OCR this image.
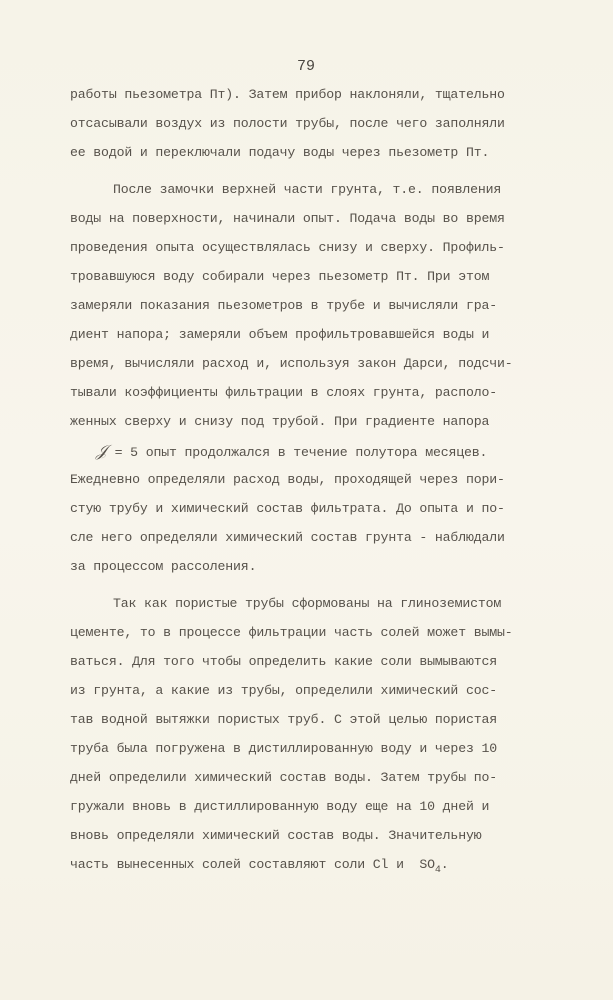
79
работы пьезометра Пт). Затем прибор наклоняли, тщательно
отсасывали воздух из полости трубы, после чего заполняли
ее водой и переключали подачу воды через пьезометр Пт.
После замочки верхней части грунта, т.е. появления
воды на поверхности, начинали опыт. Подача воды во время
проведения опыта осуществлялась снизу и сверху. Профиль-
тровавшуюся воду собирали через пьезометр Пт. При этом
замеряли показания пьезометров в трубе и вычисляли гра-
диент напора; замеряли объем профильтровавшейся воды и
время, вычисляли расход и, используя закон Дарси, подсчи-
тывали коэффициенты фильтрации в слоях грунта, располо-
женных сверху и снизу под трубой. При градиенте напора
𝒥 = 5 опыт продолжался в течение полутора месяцев.
Ежедневно определяли расход воды, проходящей через пори-
стую трубу и химический состав фильтрата. До опыта и по-
сле него определяли химический состав грунта - наблюдали
за процессом рассоления.
Так как пористые трубы сформованы на глиноземистом
цементе, то в процессе фильтрации часть солей может вымы-
ваться. Для того чтобы определить какие соли вымываются
из грунта, а какие из трубы, определили химический сос-
тав водной вытяжки пористых труб. С этой целью пористая
труба была погружена в дистиллированную воду и через 10
дней определили химический состав воды. Затем трубы по-
гружали вновь в дистиллированную воду еще на 10 дней и
вновь определяли химический состав воды. Значительную
часть вынесенных солей составляют соли Cl и  $SO_4$.
